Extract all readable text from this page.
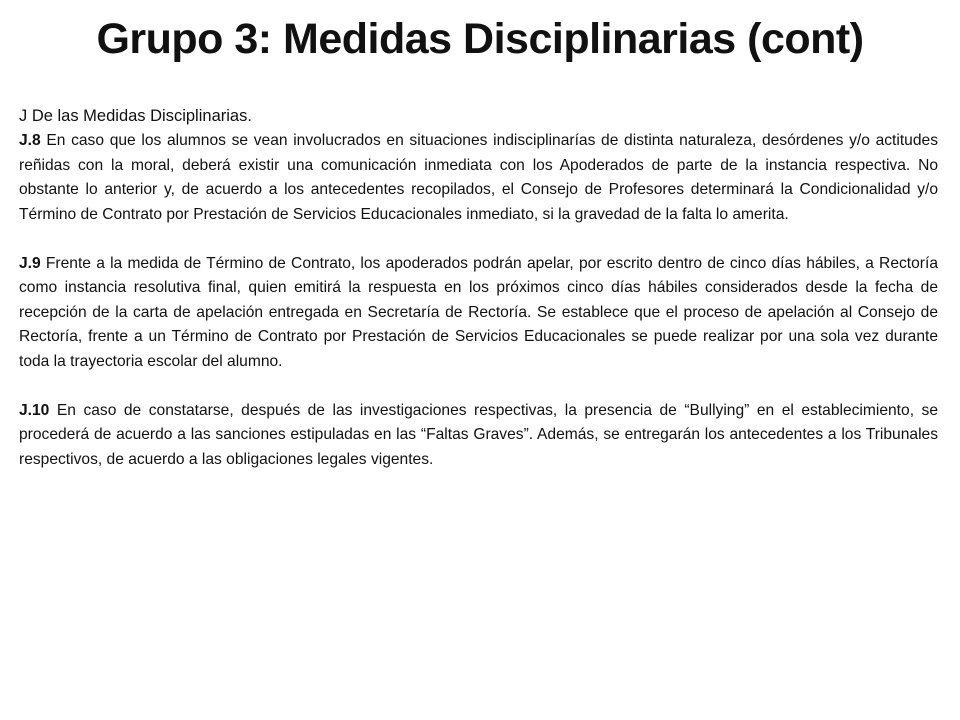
Grupo 3: Medidas Disciplinarias (cont)
J De las Medidas Disciplinarias.

J.8 En caso que los alumnos se vean involucrados en situaciones indisciplinarías de distinta naturaleza, desórdenes y/o actitudes reñidas con la moral, deberá existir una comunicación inmediata con los Apoderados de parte de la instancia respectiva. No obstante lo anterior y, de acuerdo a los antecedentes recopilados, el Consejo de Profesores determinará la Condicionalidad y/o Término de Contrato por Prestación de Servicios Educacionales inmediato, si la gravedad de la falta lo amerita.

J.9 Frente a la medida de Término de Contrato, los apoderados podrán apelar, por escrito dentro de cinco días hábiles, a Rectoría como instancia resolutiva final, quien emitirá la respuesta en los próximos cinco días hábiles considerados desde la fecha de recepción de la carta de apelación entregada en Secretaría de Rectoría. Se establece que el proceso de apelación al Consejo de Rectoría, frente a un Término de Contrato por Prestación de Servicios Educacionales se puede realizar por una sola vez durante toda la trayectoria escolar del alumno.

J.10 En caso de constatarse, después de las investigaciones respectivas, la presencia de “Bullying” en el establecimiento, se procederá de acuerdo a las sanciones estipuladas en las “Faltas Graves”. Además, se entregarán los antecedentes a los Tribunales respectivos, de acuerdo a las obligaciones legales vigentes.
